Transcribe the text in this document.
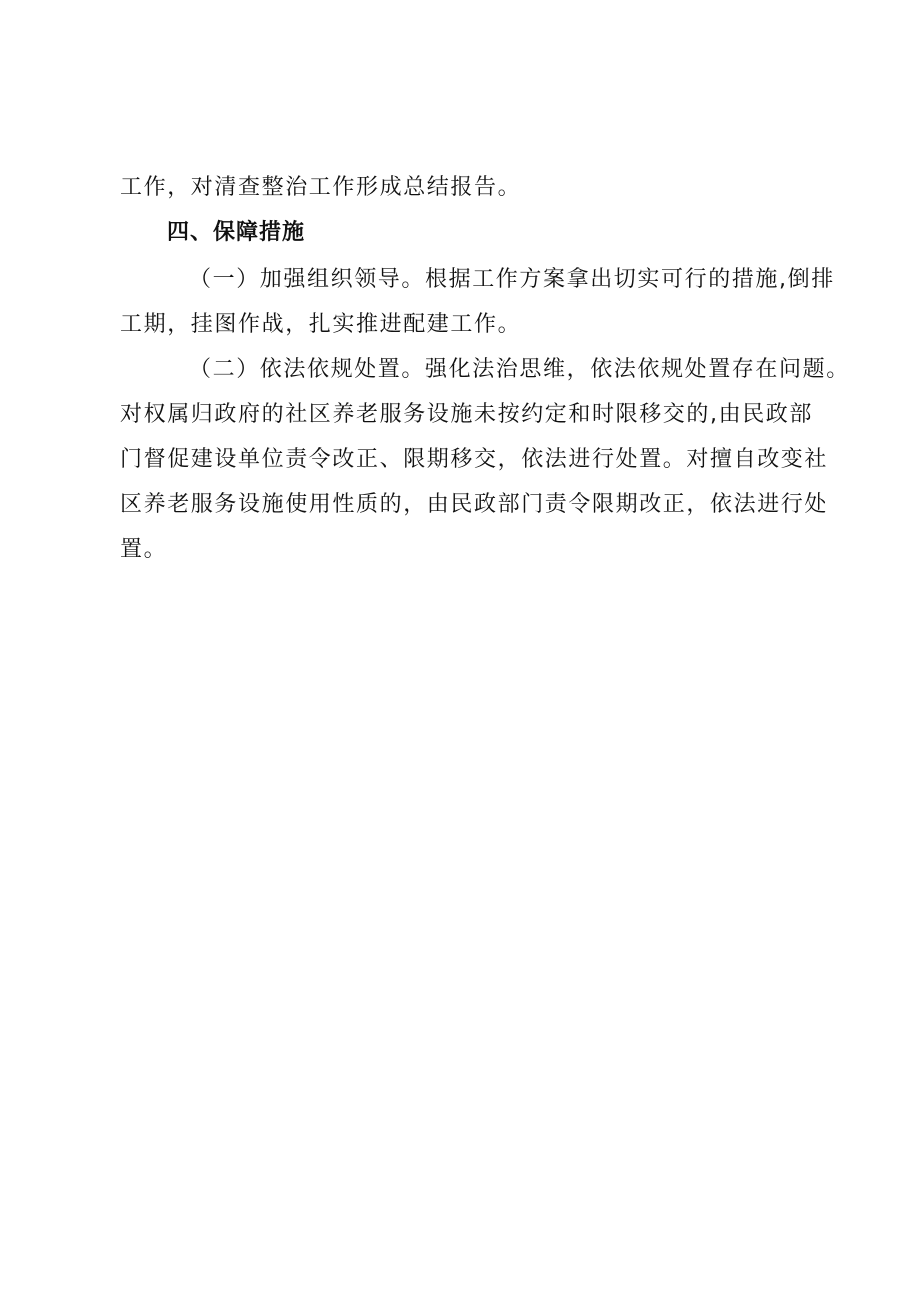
工作，对清查整治工作形成总结报告。
四、保障措施
（一）加强组织领导。根据工作方案拿出切实可行的措施,倒排
工期，挂图作战，扎实推进配建工作。
（二）依法依规处置。强化法治思维，依法依规处置存在问题。
对权属归政府的社区养老服务设施未按约定和时限移交的,由民政部
门督促建设单位责令改正、限期移交，依法进行处置。对擅自改变社
区养老服务设施使用性质的，由民政部门责令限期改正，依法进行处
置。
